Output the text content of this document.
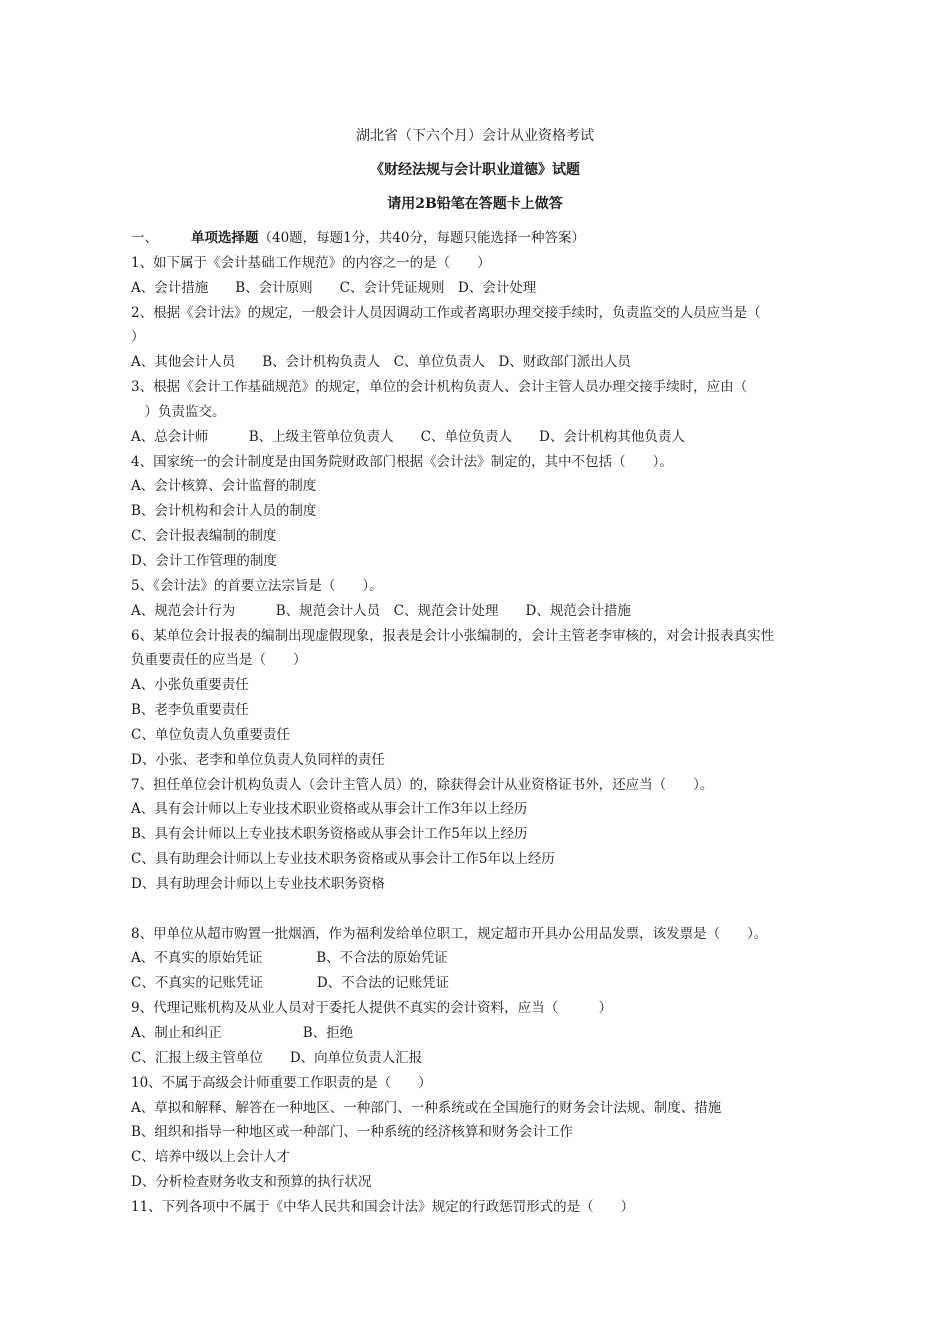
湖北省（下六个月）会计从业资格考试
《财经法规与会计职业道德》试题
请用2B铅笔在答题卡上做答
一、 单项选择题（40题，每题1分，共40分，每题只能选择一种答案）
1、如下属于《会计基础工作规范》的内容之一的是（　　）
A、会计措施　　B、会计原则　　C、会计凭证规则　D、会计处理
2、根据《会计法》的规定，一般会计人员因调动工作或者离职办理交接手续时，负责监交的人员应当是（
）
A、其他会计人员　　B、会计机构负责人　C、单位负责人　D、财政部门派出人员
3、根据《会计工作基础规范》的规定，单位的会计机构负责人、会计主管人员办理交接手续时，应由（
　）负责监交。
A、总会计师　　　B、上级主管单位负责人　　C、单位负责人　　D、会计机构其他负责人
4、国家统一的会计制度是由国务院财政部门根据《会计法》制定的，其中不包括（　　）。
A、会计核算、会计监督的制度
B、会计机构和会计人员的制度
C、会计报表编制的制度
D、会计工作管理的制度
5、《会计法》的首要立法宗旨是（　　）。
A、规范会计行为　　　B、规范会计人员　C、规范会计处理　　D、规范会计措施
6、某单位会计报表的编制出现虚假现象，报表是会计小张编制的，会计主管老李审核的，对会计报表真实性
负重要责任的应当是（　　）
A、小张负重要责任
B、老李负重要责任
C、单位负责人负重要责任
D、小张、老李和单位负责人负同样的责任
7、担任单位会计机构负责人（会计主管人员）的，除获得会计从业资格证书外，还应当（　　）。
A、具有会计师以上专业技术职业资格或从事会计工作3年以上经历
B、具有会计师以上专业技术职务资格或从事会计工作5年以上经历
C、具有助理会计师以上专业技术职务资格或从事会计工作5年以上经历
D、具有助理会计师以上专业技术职务资格
8、甲单位从超市购置一批烟酒，作为福利发给单位职工，规定超市开具办公用品发票，该发票是（　　）。
A、不真实的原始凭证　　　　B、不合法的原始凭证
C、不真实的记账凭证　　　　D、不合法的记账凭证
9、代理记账机构及从业人员对于委托人提供不真实的会计资料，应当（　　　）
A、制止和纠正　　　　　　B、拒绝
C、汇报上级主管单位　　D、向单位负责人汇报
10、不属于高级会计师重要工作职责的是（　　）
A、草拟和解释、解答在一种地区、一种部门、一种系统或在全国施行的财务会计法规、制度、措施
B、组织和指导一种地区或一种部门、一种系统的经济核算和财务会计工作
C、培养中级以上会计人才
D、分析检查财务收支和预算的执行状况
11、下列各项中不属于《中华人民共和国会计法》规定的行政惩罚形式的是（　　）
